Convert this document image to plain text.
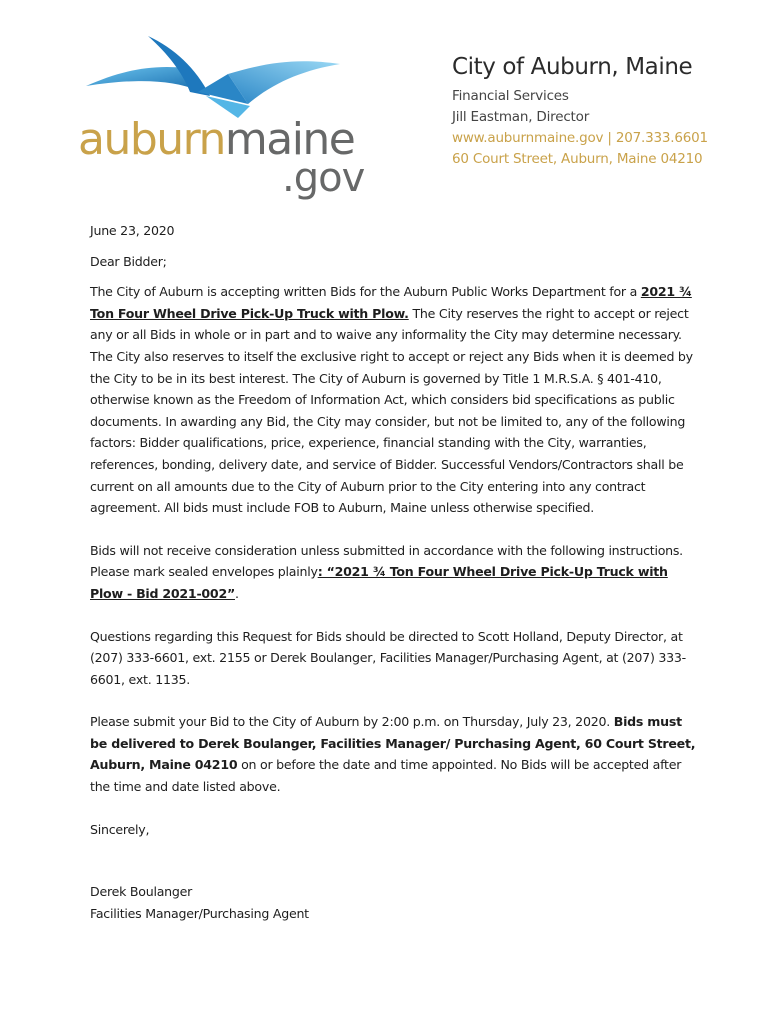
auburnmaine
.gov
City of Auburn, Maine
Financial Services
Jill Eastman, Director
www.auburnmaine.gov | 207.333.6601
60 Court Street, Auburn, Maine 04210

June 23, 2020

Dear Bidder;

The City of Auburn is accepting written Bids for the Auburn Public Works Department for a 2021 ¾ Ton Four Wheel Drive Pick-Up Truck with Plow. The City reserves the right to accept or reject any or all Bids in whole or in part and to waive any informality the City may determine necessary. The City also reserves to itself the exclusive right to accept or reject any Bids when it is deemed by the City to be in its best interest. The City of Auburn is governed by Title 1 M.R.S.A. § 401-410, otherwise known as the Freedom of Information Act, which considers bid specifications as public documents. In awarding any Bid, the City may consider, but not be limited to, any of the following factors: Bidder qualifications, price, experience, financial standing with the City, warranties, references, bonding, delivery date, and service of Bidder. Successful Vendors/Contractors shall be current on all amounts due to the City of Auburn prior to the City entering into any contract agreement. All bids must include FOB to Auburn, Maine unless otherwise specified.

Bids will not receive consideration unless submitted in accordance with the following instructions. Please mark sealed envelopes plainly: “2021 ¾ Ton Four Wheel Drive Pick-Up Truck with Plow - Bid 2021-002”.

Questions regarding this Request for Bids should be directed to Scott Holland, Deputy Director, at (207) 333-6601, ext. 2155 or Derek Boulanger, Facilities Manager/Purchasing Agent, at (207) 333-6601, ext. 1135.

Please submit your Bid to the City of Auburn by 2:00 p.m. on Thursday, July 23, 2020. Bids must be delivered to Derek Boulanger, Facilities Manager/ Purchasing Agent, 60 Court Street, Auburn, Maine 04210 on or before the date and time appointed. No Bids will be accepted after the time and date listed above.

Sincerely,

Derek Boulanger

Facilities Manager/Purchasing Agent
